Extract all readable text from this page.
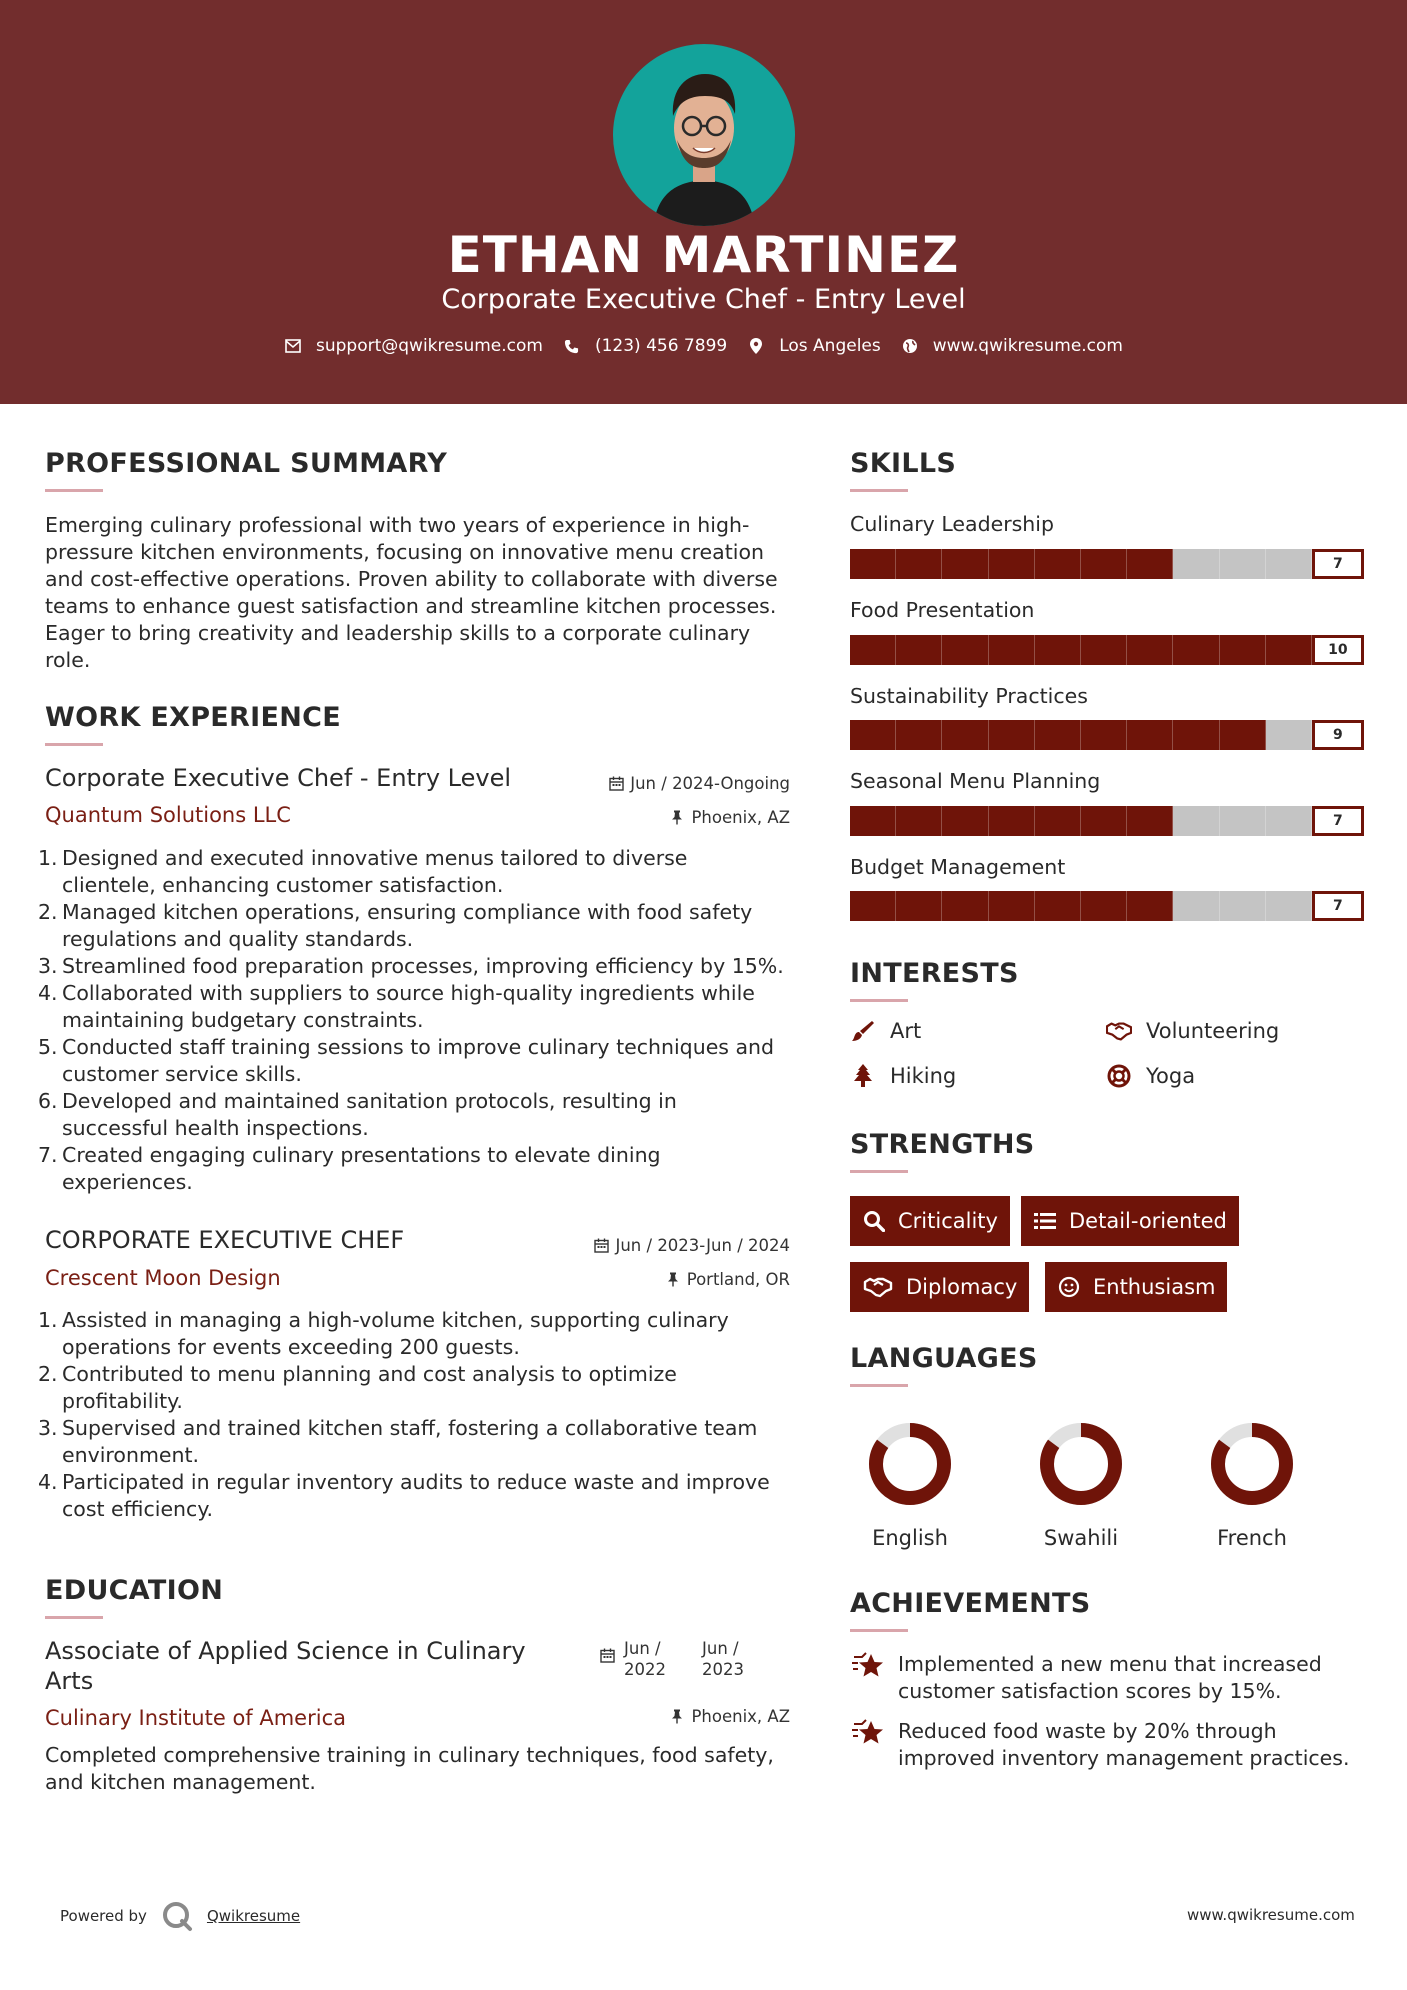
ETHAN MARTINEZ
Corporate Executive Chef - Entry Level
support@qwikresume.com	(123) 456 7899	Los Angeles	www.qwikresume.com
PROFESSIONAL SUMMARY
Emerging culinary professional with two years of experience in high-
pressure kitchen environments, focusing on innovative menu creation
and cost-effective operations. Proven ability to collaborate with diverse
teams to enhance guest satisfaction and streamline kitchen processes.
Eager to bring creativity and leadership skills to a corporate culinary
role.
WORK EXPERIENCE
Corporate Executive Chef - Entry Level	Jun / 2024-Ongoing
Quantum Solutions LLC	Phoenix, AZ
1. Designed and executed innovative menus tailored to diverse
clientele, enhancing customer satisfaction.
2. Managed kitchen operations, ensuring compliance with food safety
regulations and quality standards.
3. Streamlined food preparation processes, improving efficiency by 15%.
4. Collaborated with suppliers to source high-quality ingredients while
maintaining budgetary constraints.
5. Conducted staff training sessions to improve culinary techniques and
customer service skills.
6. Developed and maintained sanitation protocols, resulting in
successful health inspections.
7. Created engaging culinary presentations to elevate dining
experiences.
CORPORATE EXECUTIVE CHEF	Jun / 2023-Jun / 2024
Crescent Moon Design	Portland, OR
1. Assisted in managing a high-volume kitchen, supporting culinary
operations for events exceeding 200 guests.
2. Contributed to menu planning and cost analysis to optimize
profitability.
3. Supervised and trained kitchen staff, fostering a collaborative team
environment.
4. Participated in regular inventory audits to reduce waste and improve
cost efficiency.
EDUCATION
Associate of Applied Science in Culinary
Arts
Jun /
2022
Jun /
2023
Culinary Institute of America	Phoenix, AZ
Completed comprehensive training in culinary techniques, food safety,
and kitchen management.
SKILLS
Culinary Leadership
7
Food Presentation
10
Sustainability Practices
9
Seasonal Menu Planning
7
Budget Management
7
INTERESTS
Art	Volunteering
Hiking	Yoga
STRENGTHS
Criticality	Detail-oriented
Diplomacy	Enthusiasm
LANGUAGES
English	Swahili	French
ACHIEVEMENTS
Implemented a new menu that increased
customer satisfaction scores by 15%.
Reduced food waste by 20% through
improved inventory management practices.
Powered by	Qwikresume	www.qwikresume.com
